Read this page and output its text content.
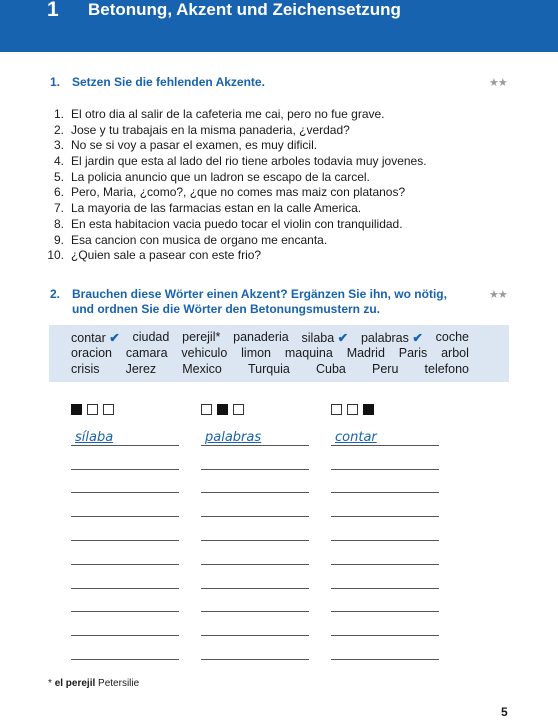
1 Betonung, Akzent und Zeichensetzung
1. Setzen Sie die fehlenden Akzente.	★★
1. El otro dia al salir de la cafeteria me cai, pero no fue grave.
2. Jose y tu trabajais en la misma panaderia, ¿verdad?
3. No se si voy a pasar el examen, es muy dificil.
4. El jardin que esta al lado del rio tiene arboles todavia muy jovenes.
5. La policia anuncio que un ladron se escapo de la carcel.
6. Pero, Maria, ¿como?, ¿que no comes mas maiz con platanos?
7. La mayoria de las farmacias estan en la calle America.
8. En esta habitacion vacia puedo tocar el violin con tranquilidad.
9. Esa cancion con musica de organo me encanta.
10. ¿Quien sale a pasear con este frio?
2. Brauchen diese Wörter einen Akzent? Ergänzen Sie ihn, wo nötig,
und ordnen Sie die Wörter den Betonungsmustern zu.
★★
contar ✔ ciudad perejil* panaderia silaba ✔ palabras ✔ coche
oracion camara vehiculo limon maquina Madrid Paris arbol
crisis Jerez Mexico Turquia Cuba Peru telefono
sílaba	palabras	contar
* el perejil Petersilie
5
